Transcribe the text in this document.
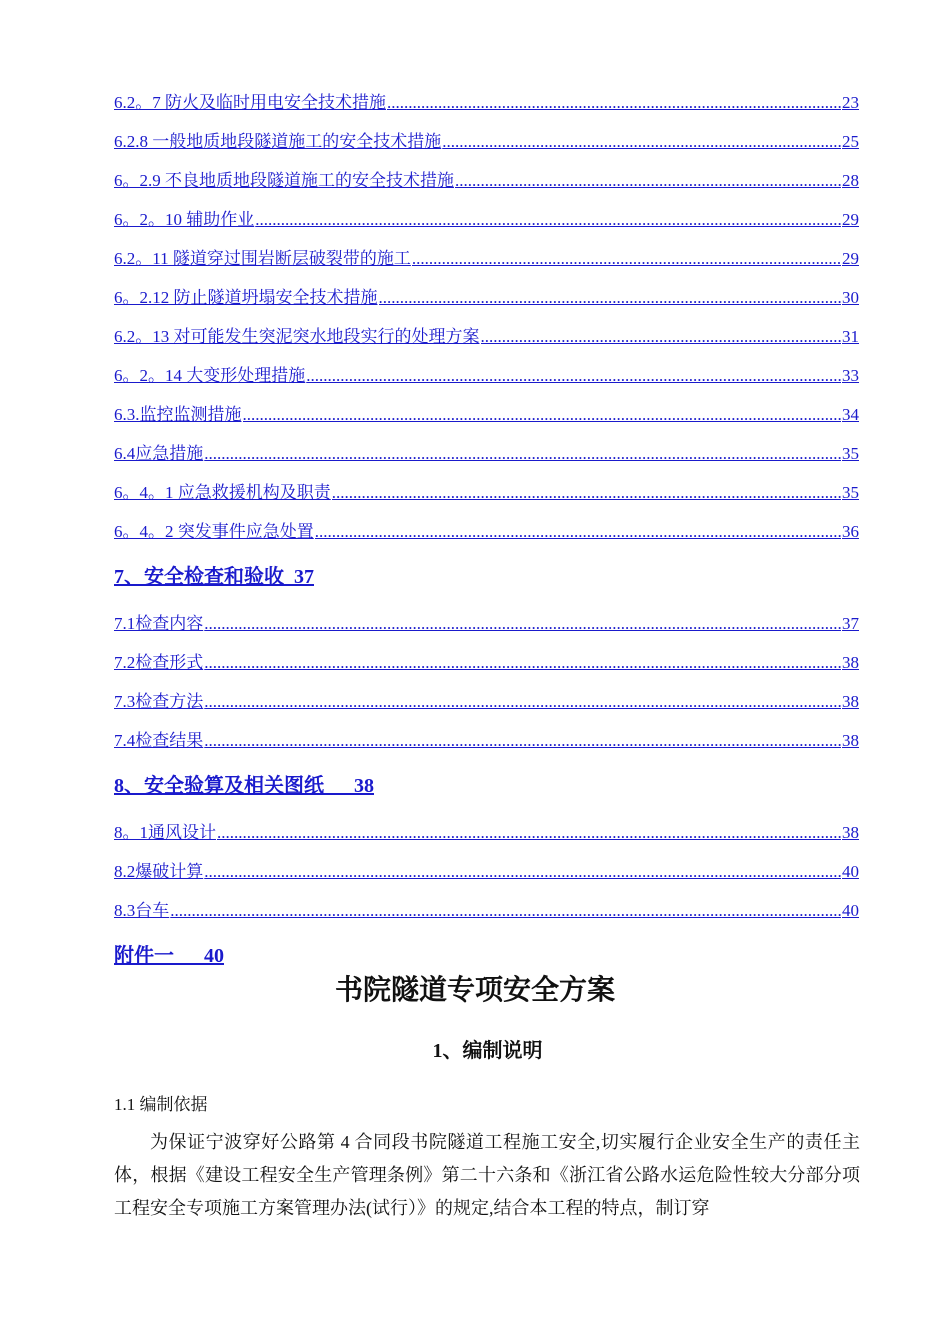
6.2。7 防火及临时用电安全技术措施 .....	23
6.2.8 一般地质地段隧道施工的安全技术措施 .....	25
6。2.9 不良地质地段隧道施工的安全技术措施 .....	28
6。2。10 辅助作业 .....	29
6.2。11 隧道穿过围岩断层破裂带的施工 .....	29
6。2.12 防止隧道坍塌安全技术措施 .....	30
6.2。13 对可能发生突泥突水地段实行的处理方案 .....	31
6。2。14 大变形处理措施 .....	33
6.3.监控监测措施 .....	34
6.4应急措施 .....	35
6。4。1 应急救援机构及职责 .....	35
6。4。2 突发事件应急处置 .....	36
7、安全检查和验收  37
7.1检查内容 .....	37
7.2检查形式 .....	38
7.3检查方法 .....	38
7.4检查结果 .....	38
8、安全验算及相关图纸      38
8。1通风设计 .....	38
8.2爆破计算 .....	40
8.3台车 .....	40
附件一      40
书院隧道专项安全方案
1、编制说明
1.1 编制依据
为保证宁波穿好公路第 4 合同段书院隧道工程施工安全,切实履行企业安全生产的责任主体，根据《建设工程安全生产管理条例》第二十六条和《浙江省公路水运危险性较大分部分项工程安全专项施工方案管理办法(试行）》的规定,结合本工程的特点，制订穿
